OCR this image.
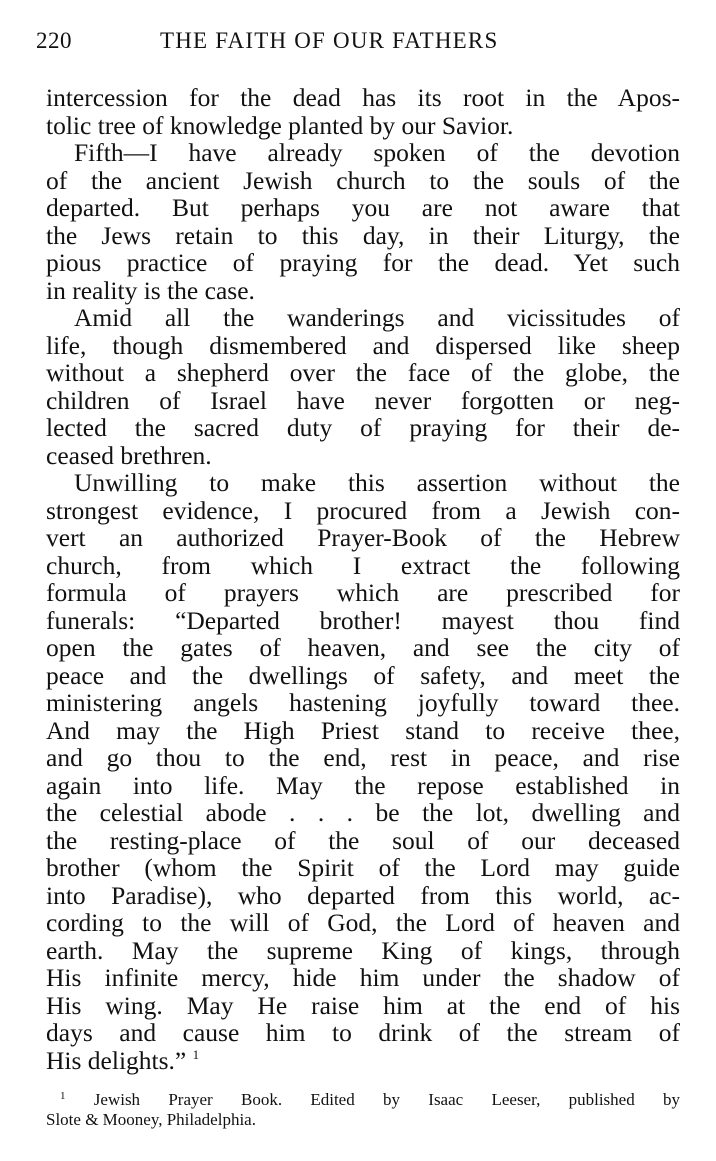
220	THE FAITH OF OUR FATHERS
intercession for the dead has its root in the Apos-
tolic tree of knowledge planted by our Savior.
Fifth—I have already spoken of the devotion
of the ancient Jewish church to the souls of the
departed. But perhaps you are not aware that
the Jews retain to this day, in their Liturgy, the
pious practice of praying for the dead. Yet such
in reality is the case.
Amid all the wanderings and vicissitudes of
life, though dismembered and dispersed like sheep
without a shepherd over the face of the globe, the
children of Israel have never forgotten or neg-
lected the sacred duty of praying for their de-
ceased brethren.
Unwilling to make this assertion without the
strongest evidence, I procured from a Jewish con-
vert an authorized Prayer-Book of the Hebrew
church, from which I extract the following
formula of prayers which are prescribed for
funerals: “Departed brother! mayest thou find
open the gates of heaven, and see the city of
peace and the dwellings of safety, and meet the
ministering angels hastening joyfully toward thee.
And may the High Priest stand to receive thee,
and go thou to the end, rest in peace, and rise
again into life. May the repose established in
the celestial abode . . . be the lot, dwelling and
the resting-place of the soul of our deceased
brother (whom the Spirit of the Lord may guide
into Paradise), who departed from this world, ac-
cording to the will of God, the Lord of heaven and
earth. May the supreme King of kings, through
His infinite mercy, hide him under the shadow of
His wing. May He raise him at the end of his
days and cause him to drink of the stream of
His delights.” $^1$
$^1$ Jewish Prayer Book. Edited by Isaac Leeser, published by
Slote & Mooney, Philadelphia.
